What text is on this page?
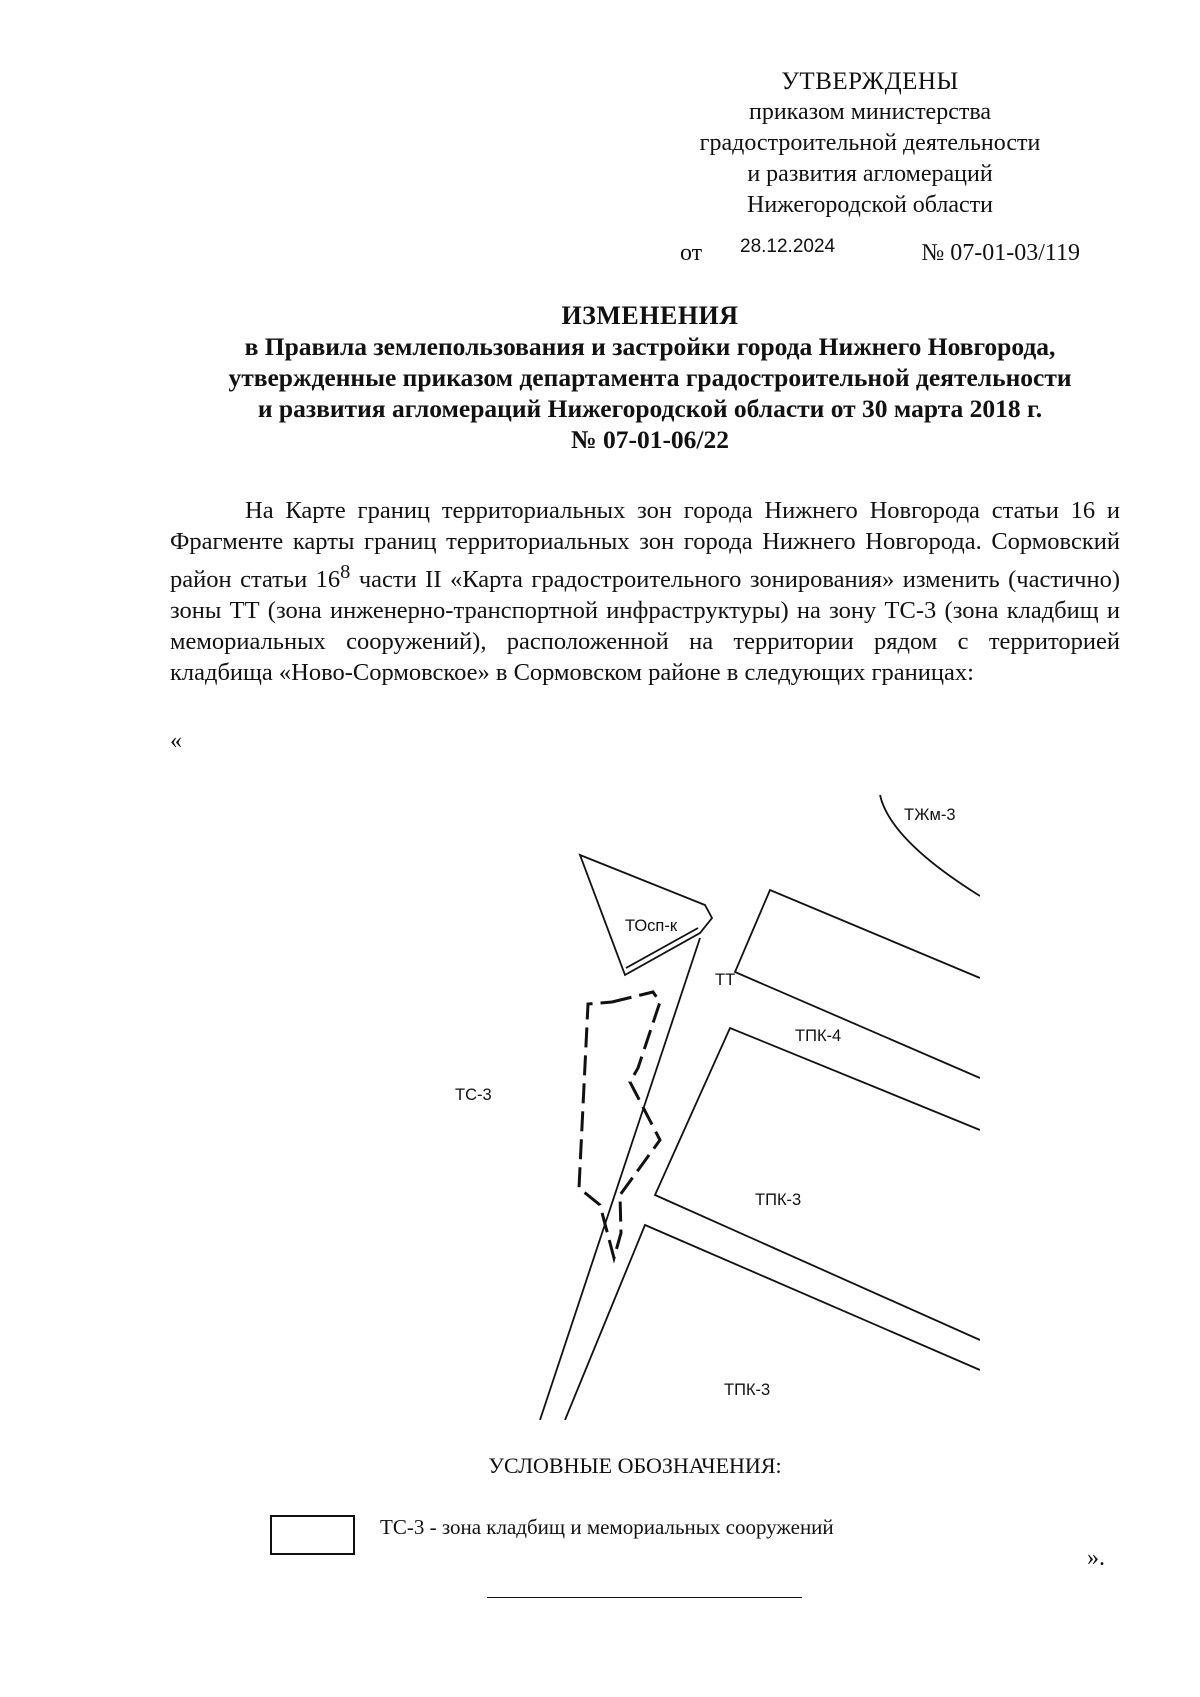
УТВЕРЖДЕНЫ
приказом министерства
градостроительной деятельности
и развития агломераций
Нижегородской области
от 28.12.2024	№ 07-01-03/119
ИЗМЕНЕНИЯ
в Правила землепользования и застройки города Нижнего Новгорода,
утвержденные приказом департамента градостроительной деятельности
и развития агломераций Нижегородской области от 30 марта 2018 г.
№ 07-01-06/22

На Карте границ территориальных зон города Нижнего Новгорода статьи 16 и Фрагменте карты границ территориальных зон города Нижнего Новгорода. Сормовский район статьи $16^8$ части II «Карта градостроительного зонирования» изменить (частично) зоны ТТ (зона инженерно-транспортной инфраструктуры) на зону ТС-3 (зона кладбищ и мемориальных сооружений), расположенной на территории рядом с территорией кладбища «Ново-Сормовское» в Сормовском районе в следующих границах:

«
ТЖм-3
ТОсп-к
ТТ
ТПК-4
ТС-3
ТПК-3
ТПК-3
УСЛОВНЫЕ ОБОЗНАЧЕНИЯ:
ТС-3 - зона кладбищ и мемориальных сооружений
».
